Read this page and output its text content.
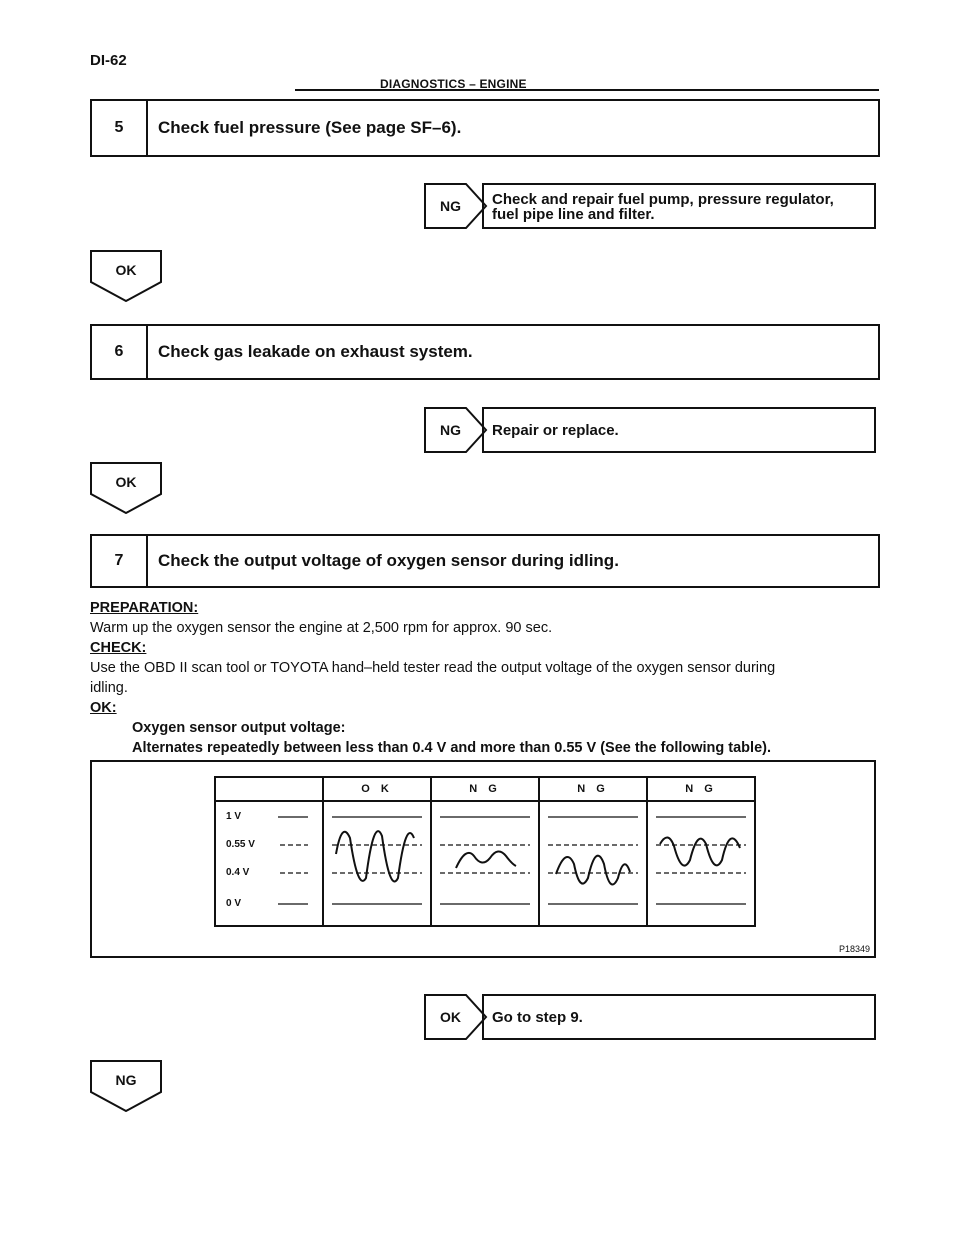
DI-62
DIAGNOSTICS – ENGINE
5	Check fuel pressure (See page SF–6).
NG Check and repair fuel pump, pressure regulator,
fuel pipe line and filter.
OK
6	Check gas leakade on exhaust system.
NG Repair or replace.
OK
7	Check the output voltage of oxygen sensor during idling.
PREPARATION:
Warm up the oxygen sensor the engine at 2,500 rpm for approx. 90 sec.
CHECK:
Use the OBD II scan tool or TOYOTA hand–held tester read the output voltage of the oxygen sensor during
idling.
OK:
Oxygen sensor output voltage:
Alternates repeatedly between less than 0.4 V and more than 0.55 V (See the following table).
	O K	N G	N G	N G

1 V
0.55 V
0.4 V
0 V

P18349
OK Go to step 9.
NG
